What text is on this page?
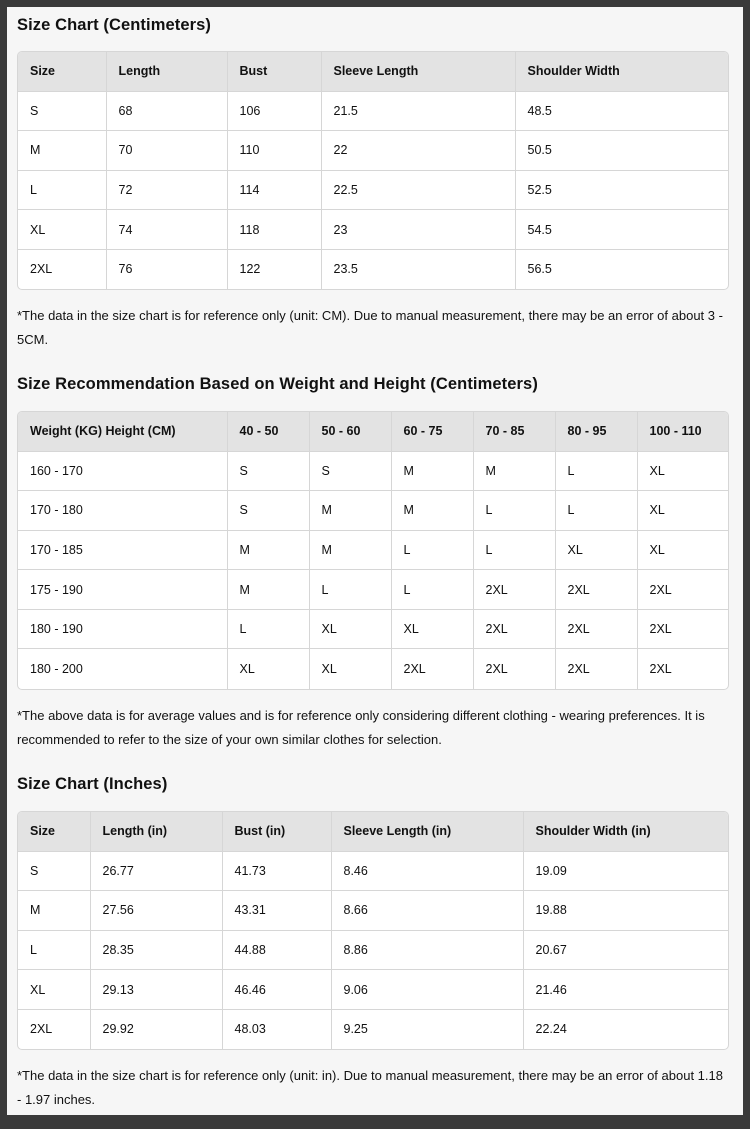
Size Chart (Centimeters)
Size	Length	Bust	Sleeve Length	Shoulder Width
S	68	106	21.5	48.5
M	70	110	22	50.5
L	72	114	22.5	52.5
XL	74	118	23	54.5
2XL	76	122	23.5	56.5
*The data in the size chart is for reference only (unit: CM). Due to manual measurement, there may be an error of about 3 - 5CM.
Size Recommendation Based on Weight and Height (Centimeters)
Weight (KG) Height (CM)	40 - 50	50 - 60	60 - 75	70 - 85	80 - 95	100 - 110
160 - 170	S	S	M	M	L	XL
170 - 180	S	M	M	L	L	XL
170 - 185	M	M	L	L	XL	XL
175 - 190	M	L	L	2XL	2XL	2XL
180 - 190	L	XL	XL	2XL	2XL	2XL
180 - 200	XL	XL	2XL	2XL	2XL	2XL
*The above data is for average values and is for reference only considering different clothing - wearing preferences. It is recommended to refer to the size of your own similar clothes for selection.
Size Chart (Inches)
Size	Length (in)	Bust (in)	Sleeve Length (in)	Shoulder Width (in)
S	26.77	41.73	8.46	19.09
M	27.56	43.31	8.66	19.88
L	28.35	44.88	8.86	20.67
XL	29.13	46.46	9.06	21.46
2XL	29.92	48.03	9.25	22.24
*The data in the size chart is for reference only (unit: in). Due to manual measurement, there may be an error of about 1.18 - 1.97 inches.
